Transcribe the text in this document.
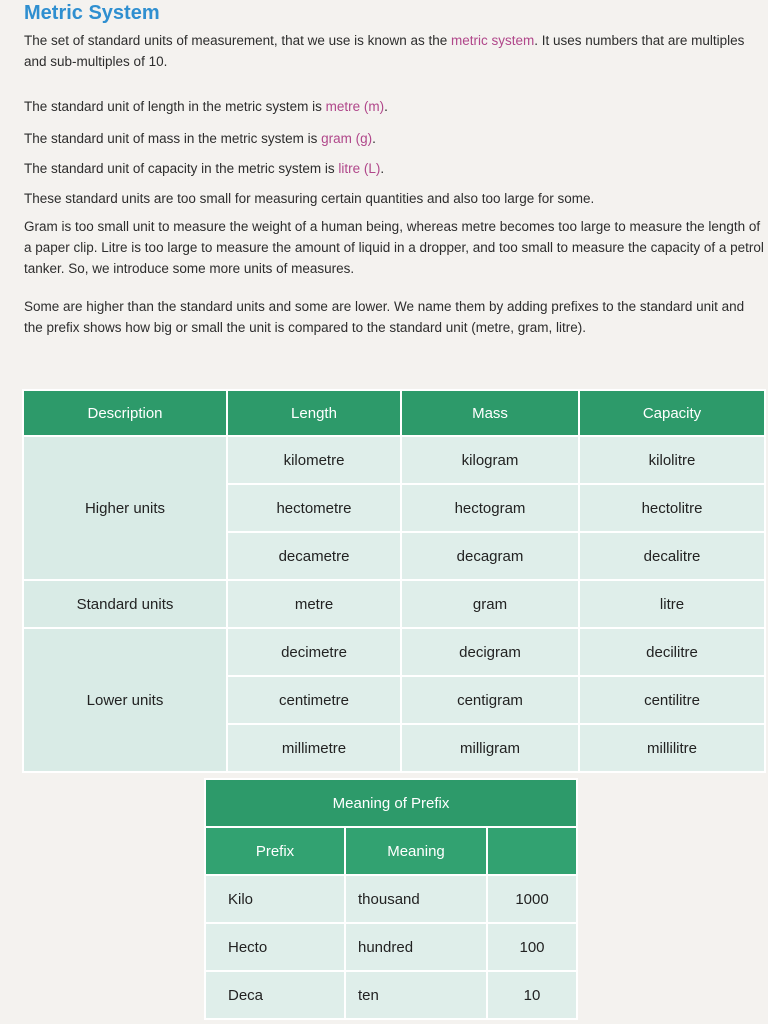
Metric System

The set of standard units of measurement, that we use is known as the metric system. It uses numbers that are multiples and sub-multiples of 10.

The standard unit of length in the metric system is metre (m).

The standard unit of mass in the metric system is gram (g).

The standard unit of capacity in the metric system is litre (L).

These standard units are too small for measuring certain quantities and also too large for some.

Gram is too small unit to measure the weight of a human being, whereas metre becomes too large to measure the length of a paper clip. Litre is too large to measure the amount of liquid in a dropper, and too small to measure the capacity of a petrol tanker. So, we introduce some more units of measures.

Some are higher than the standard units and some are lower. We name them by adding prefixes to the standard unit and the prefix shows how big or small the unit is compared to the standard unit (metre, gram, litre).

Description	Length	Mass	Capacity
Higher units	kilometre	kilogram	kilolitre
	hectometre	hectogram	hectolitre
	decametre	decagram	decalitre
Standard units	metre	gram	litre
Lower units	decimetre	decigram	decilitre
	centimetre	centigram	centilitre
	millimetre	milligram	millilitre
Meaning of Prefix		
Prefix	Meaning	
Kilo	thousand	1000
Hecto	hundred	100
Deca	ten	10
